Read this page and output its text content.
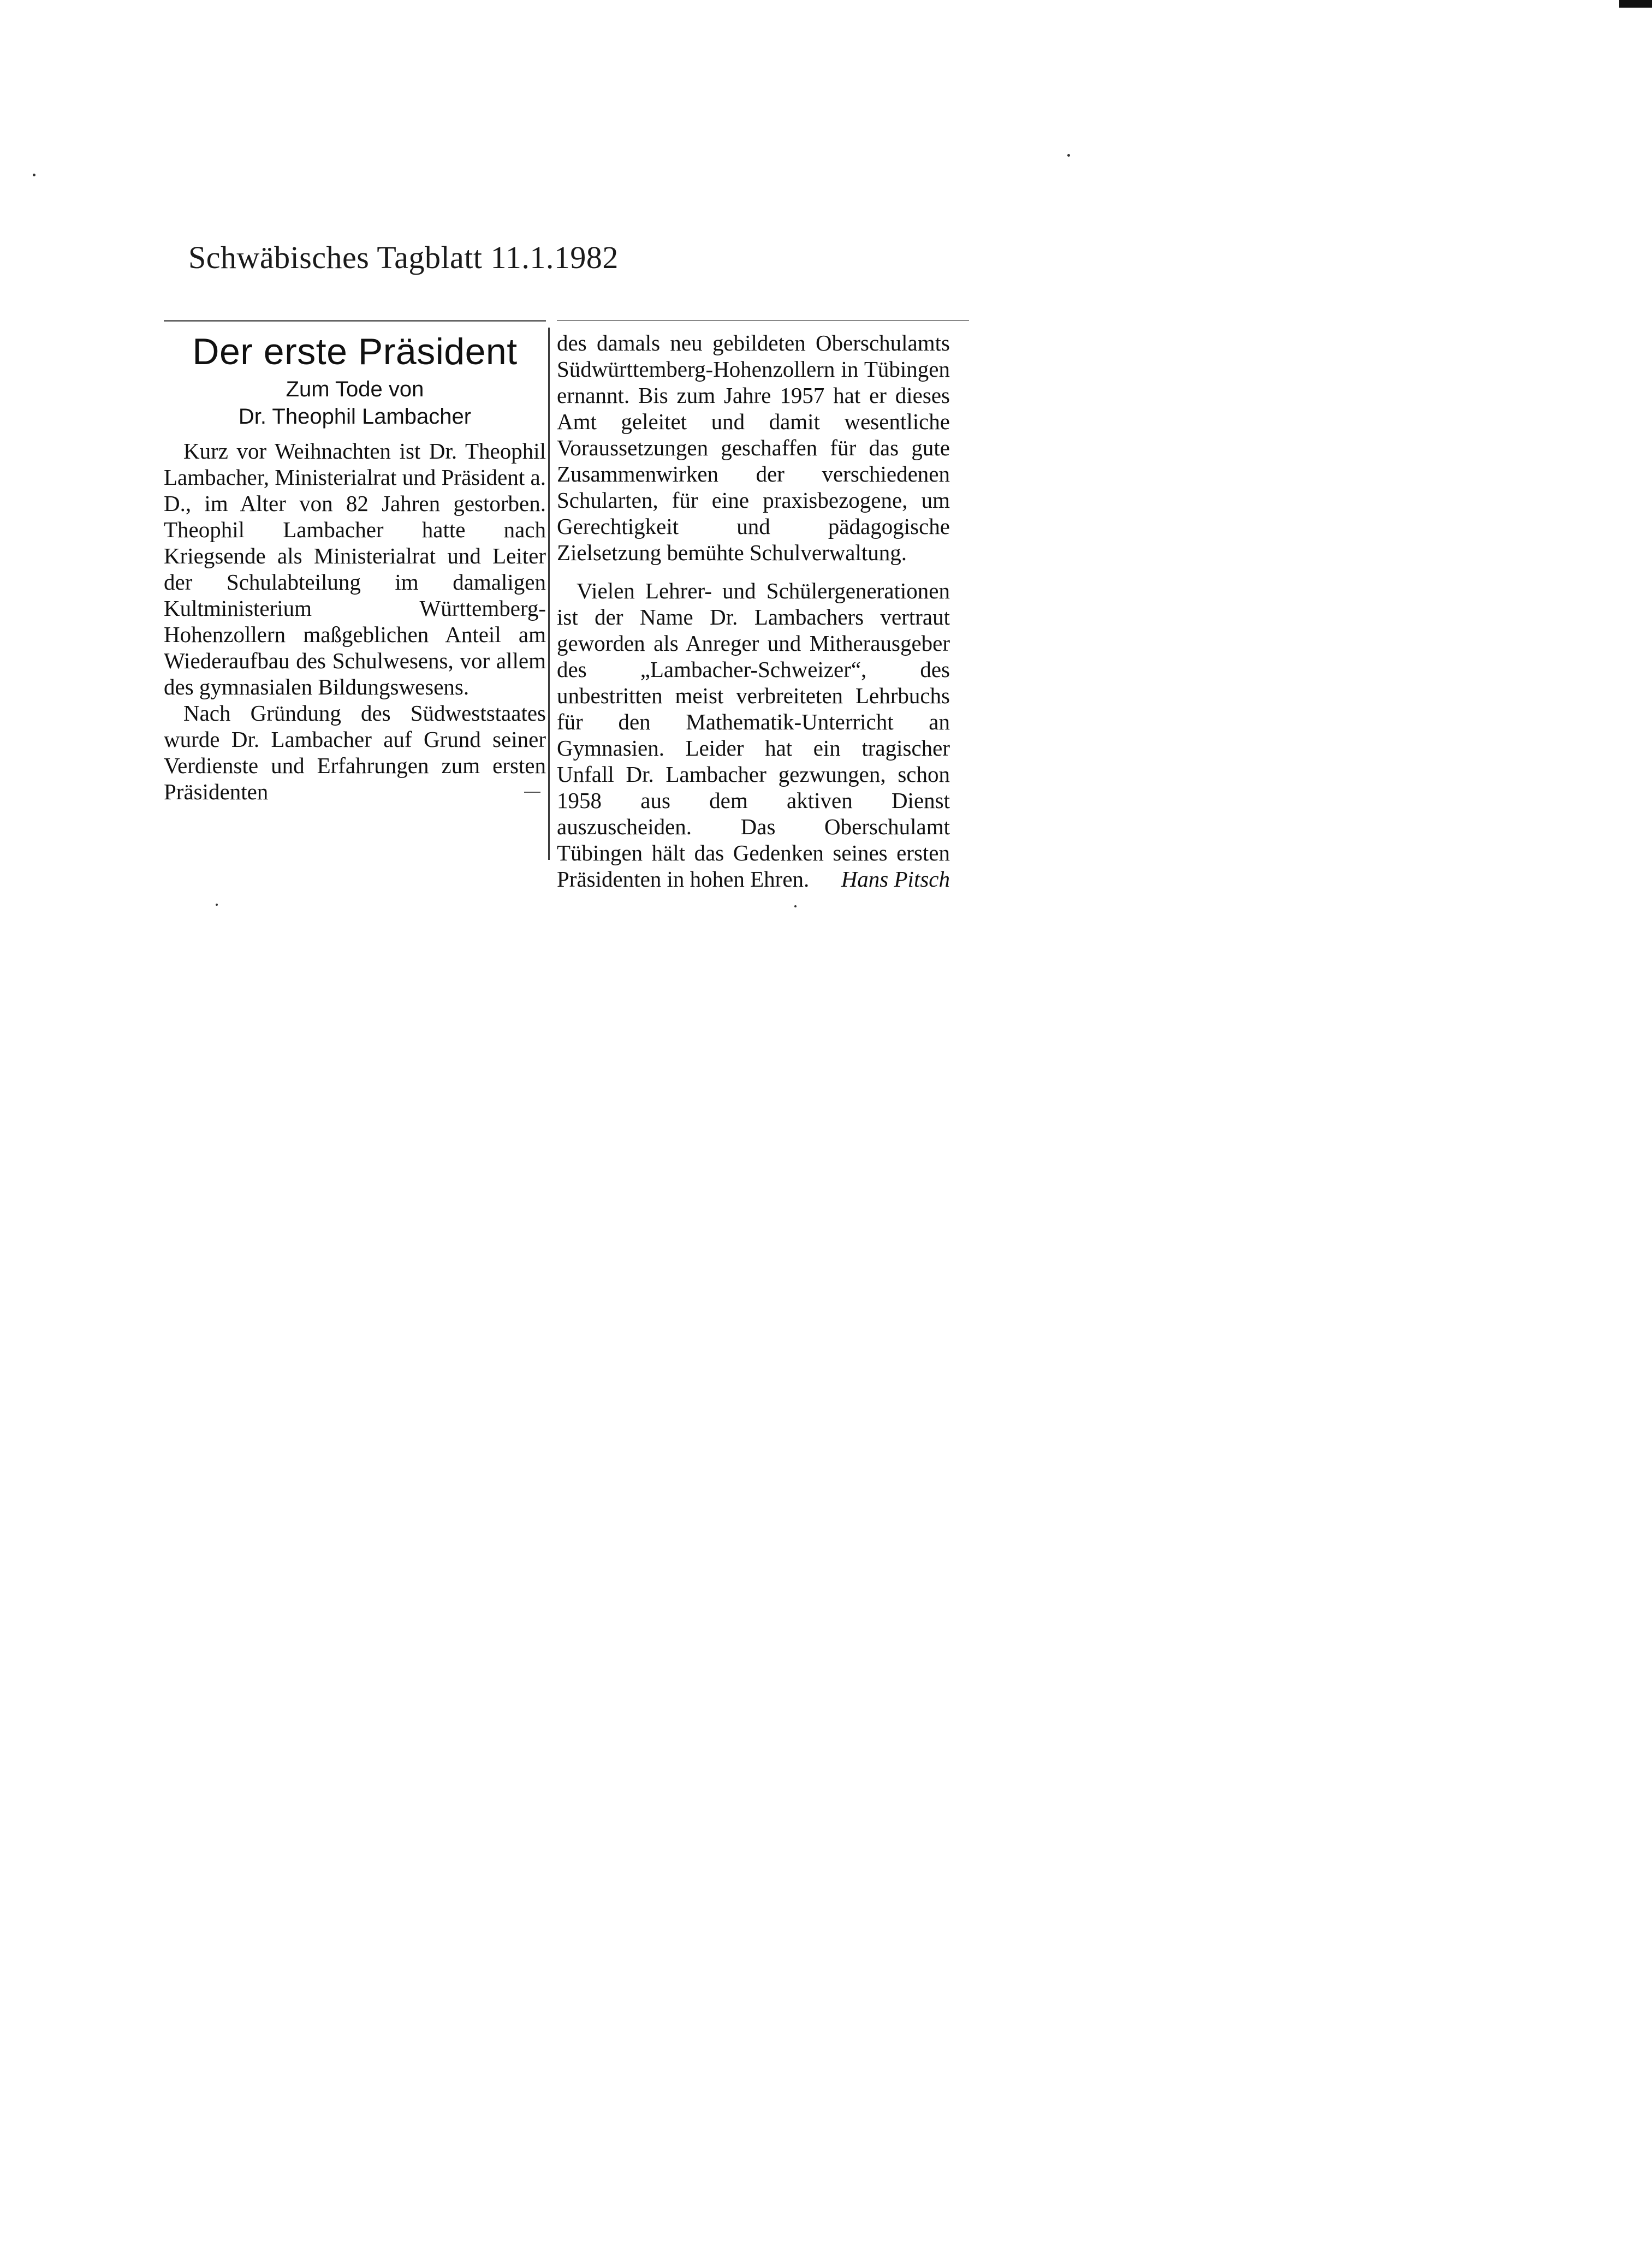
Schwäbisches Tagblatt 11.1.1982
Der erste Präsident

Zum Tode von

Dr. Theophil Lambacher

Kurz vor Weihnachten ist Dr. Theophil Lambacher, Ministerialrat und Präsident a. D., im Alter von 82 Jahren gestorben. Theophil Lambacher hatte nach Kriegsende als Ministerialrat und Leiter der Schulabteilung im damaligen Kultministerium Württemberg-Hohenzollern maßgeblichen Anteil am Wiederaufbau des Schulwesens, vor allem des gymnasialen Bildungswesens.

Nach Gründung des Südweststaates wurde Dr. Lambacher auf Grund seiner Verdienste und Erfahrungen zum ersten Präsidenten

des damals neu gebildeten Oberschulamts Südwürttemberg-Hohenzollern in Tübingen ernannt. Bis zum Jahre 1957 hat er dieses Amt geleitet und damit wesentliche Voraussetzungen geschaffen für das gute Zusammenwirken der verschiedenen Schularten, für eine praxisbezogene, um Gerechtigkeit und pädagogische Zielsetzung bemühte Schulverwaltung.

Vielen Lehrer- und Schülergenerationen ist der Name Dr. Lambachers vertraut geworden als Anreger und Mitherausgeber des „Lambacher-Schweizer“, des unbestritten meist verbreiteten Lehrbuchs für den Mathematik-Unterricht an Gymnasien. Leider hat ein tragischer Unfall Dr. Lambacher gezwungen, schon 1958 aus dem aktiven Dienst auszuscheiden. Das Oberschulamt Tübingen hält das Gedenken seines ersten Präsidenten in hohen Ehren.	Hans Pitsch
